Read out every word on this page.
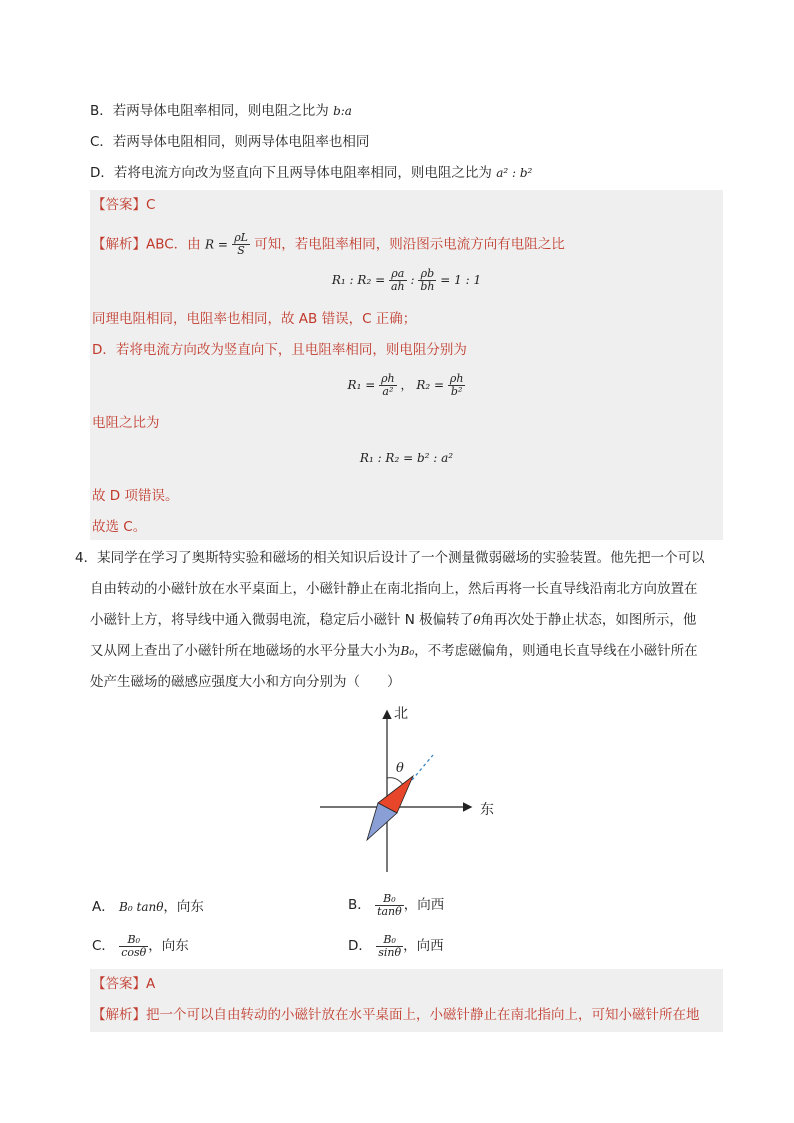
B．若两导体电阻率相同，则电阻之比为 b:a
C．若两导体电阻相同，则两导体电阻率也相同
D．若将电流方向改为竖直向下且两导体电阻率相同，则电阻之比为 a² : b²
【答案】C
【解析】ABC．由 $R = \frac{\rho L}{S}$ 可知，若电阻率相同，则沿图示电流方向有电阻之比
R₁ : $R_2 = \frac{\rho a}{ah}$ : $\frac{\rho b}{bh} = 1$ : 1
同理电阻相同，电阻率也相同，故 AB 错误，C 正确；
D．若将电流方向改为竖直向下，且电阻率相同，则电阻分别为
$R_1 = \frac{\rho h}{\text{a²}}$ ， $R_2 = \frac{\rho h}{\text{b²}}$
电阻之比为
R₁ : R₂ = b² : a²
故 D 项错误。
故选 C。
4．某同学在学习了奥斯特实验和磁场的相关知识后设计了一个测量微弱磁场的实验装置。他先把一个可以
自由转动的小磁针放在水平桌面上，小磁针静止在南北指向上，然后再将一长直导线沿南北方向放置在
小磁针上方，将导线中通入微弱电流，稳定后小磁针 N 极偏转了θ角再次处于静止状态，如图所示，他
又从网上查出了小磁针所在地磁场的水平分量大小为B₀，不考虑磁偏角，则通电长直导线在小磁针所在
处产生磁场的磁感应强度大小和方向分别为（　　）
θ
北
东
A． B₀ tanθ，向东	B． $\frac{\text{B₀}}{\tan\theta}$ ，向西
C． $\frac{\text{B₀}}{\cos\theta}$ ，向东	D． $\frac{\text{B₀}}{\sin\theta}$ ，向西
【答案】A
【解析】把一个可以自由转动的小磁针放在水平桌面上，小磁针静止在南北指向上，可知小磁针所在地
